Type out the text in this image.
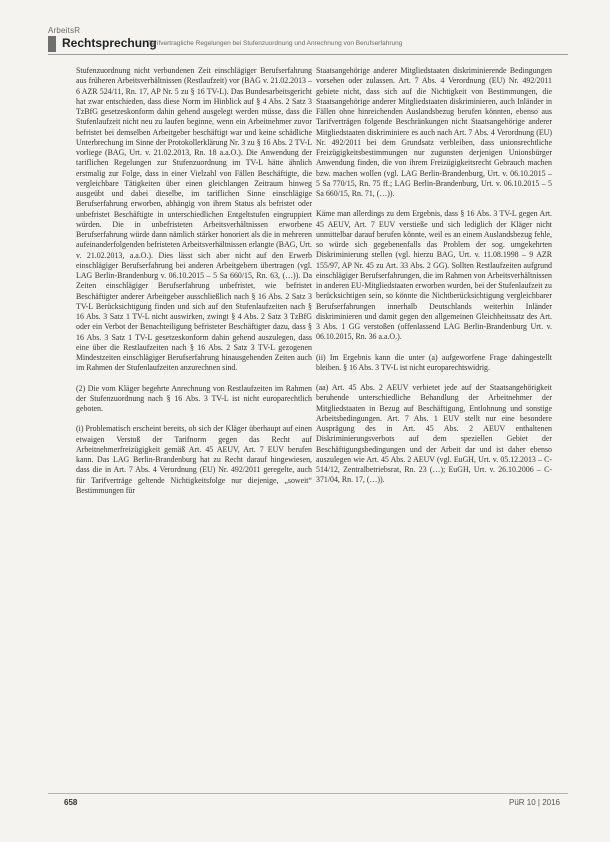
ArbeitsR
Rechtsprechung
Tarifvertragliche Regelungen bei Stufenzuordnung und Anrechnung von Berufserfahrung

Stufenzuordnung nicht verbundenen Zeit einschlägiger Berufserfahrung aus früheren Arbeitsverhältnissen (Restlaufzeit) vor (BAG v. 21.02.2013 – 6 AZR 524/11, Rn. 17, AP Nr. 5 zu § 16 TV-L). Das Bundesarbeitsgericht hat zwar entschieden, dass diese Norm im Hinblick auf § 4 Abs. 2 Satz 3 TzBfG gesetzeskonform dahin gehend ausgelegt werden müsse, dass die Stufenlaufzeit nicht neu zu laufen beginne, wenn ein Arbeitnehmer zuvor befristet bei demselben Arbeitgeber beschäftigt war und keine schädliche Unterbrechung im Sinne der Protokollerklärung Nr. 3 zu § 16 Abs. 2 TV-L vorliege (BAG, Urt. v. 21.02.2013, Rn. 18 a.a.O.). Die Anwendung der tariflichen Regelungen zur Stufenzuordnung im TV-L hätte ähnlich erstmalig zur Folge, dass in einer Vielzahl von Fällen Beschäftigte, die vergleichbare Tätigkeiten über einen gleichlangen Zeitraum hinweg ausgeübt und dabei dieselbe, im tariflichen Sinne einschlägige Berufserfahrung erworben, abhängig von ihrem Status als befristet oder unbefristet Beschäftigte in unterschiedlichen Entgeltstufen eingruppiert würden. Die in unbefristeten Arbeitsverhältnissen erworbene Berufserfahrung würde dann nämlich stärker honoriert als die in mehreren aufeinanderfolgenden befristeten Arbeitsverhältnissen erlangte (BAG, Urt. v. 21.02.2013, a.a.O.). Dies lässt sich aber nicht auf den Erwerb einschlägiger Berufserfahrung bei anderen Arbeitgebern übertragen (vgl. LAG Berlin-Brandenburg v. 06.10.2015 – 5 Sa 660/15, Rn. 63, (…)). Da Zeiten einschlägiger Berufserfahrung unbefristet, wie befristet Beschäftigter anderer Arbeitgeber ausschließlich nach § 16 Abs. 2 Satz 3 TV-L Berücksichtigung finden und sich auf den Stufenlaufzeiten nach § 16 Abs. 3 Satz 1 TV-L nicht auswirken, zwingt § 4 Abs. 2 Satz 3 TzBfG oder ein Verbot der Benachteiligung befristeter Beschäftigter dazu, dass § 16 Abs. 3 Satz 1 TV-L gesetzeskonform dahin gehend auszulegen, dass eine über die Restlaufzeiten nach § 16 Abs. 2 Satz 3 TV-L gezogenen Mindestzeiten einschlägiger Berufserfahrung hinausgehenden Zeiten auch im Rahmen der Stufenlaufzeiten anzurechnen sind.

(2) Die vom Kläger begehrte Anrechnung von Restlaufzeiten im Rahmen der Stufenzuordnung nach § 16 Abs. 3 TV-L ist nicht europarechtlich geboten.

(i) Problematisch erscheint bereits, ob sich der Kläger überhaupt auf einen etwaigen Verstoß der Tarifnorm gegen das Recht auf Arbeitnehmerfreizügigkeit gemäß Art. 45 AEUV, Art. 7 EUV berufen kann. Das LAG Berlin-Brandenburg hat zu Recht darauf hingewiesen, dass die in Art. 7 Abs. 4 Verordnung (EU) Nr. 492/2011 geregelte, auch für Tarifverträge geltende Nichtigkeitsfolge nur diejenige, „soweit“ Bestimmungen für

Staatsangehörige anderer Mitgliedstaaten diskriminierende Bedingungen vorsehen oder zulassen. Art. 7 Abs. 4 Verordnung (EU) Nr. 492/2011 gebiete nicht, dass sich auf die Nichtigkeit von Bestimmungen, die Staatsangehörige anderer Mitgliedstaaten diskriminieren, auch Inländer in Fällen ohne hinreichenden Auslandsbezug berufen könnten, ebenso aus Tarifverträgen folgende Beschränkungen nicht Staatsangehörige anderer Mitgliedstaaten diskriminiere es auch nach Art. 7 Abs. 4 Verordnung (EU) Nr. 492/2011 bei dem Grundsatz verbleiben, dass unionsrechtliche Freizügigkeitsbestimmungen nur zugunsten derjenigen Unionsbürger Anwendung finden, die von ihrem Freizügigkeitsrecht Gebrauch machen bzw. machen wollen (vgl. LAG Berlin-Brandenburg, Urt. v. 06.10.2015 – 5 Sa 770/15, Rn. 75 ff.; LAG Berlin-Brandenburg, Urt. v. 06.10.2015 – 5 Sa 660/15, Rn. 71, (…)).

Käme man allerdings zu dem Ergebnis, dass § 16 Abs. 3 TV-L gegen Art. 45 AEUV, Art. 7 EUV verstieße und sich lediglich der Kläger nicht unmittelbar darauf berufen könnte, weil es an einem Auslandsbezug fehle, so würde sich gegebenenfalls das Problem der sog. umgekehrten Diskriminierung stellen (vgl. hierzu BAG, Urt. v. 11.08.1998 – 9 AZR 155/97, AP Nr. 45 zu Art. 33 Abs. 2 GG). Sollten Restlaufzeiten aufgrund einschlägiger Berufserfahrungen, die im Rahmen von Arbeitsverhältnissen in anderen EU-Mitgliedstaaten erworben wurden, bei der Stufenlaufzeit zu berücksichtigen sein, so könnte die Nichtberücksichtigung vergleichbarer Berufserfahrungen innerhalb Deutschlands weiterhin Inländer diskriminieren und damit gegen den allgemeinen Gleichheitssatz des Art. 3 Abs. 1 GG verstoßen (offenlassend LAG Berlin-Brandenburg Urt. v. 06.10.2015, Rn. 36 a.a.O.).

(ii) Im Ergebnis kann die unter (a) aufgeworfene Frage dahingestellt bleiben. § 16 Abs. 3 TV-L ist nicht europarechtswidrig.

(aa) Art. 45 Abs. 2 AEUV verbietet jede auf der Staatsangehörigkeit beruhende unterschiedliche Behandlung der Arbeitnehmer der Mitgliedstaaten in Bezug auf Beschäftigung, Entlohnung und sonstige Arbeitsbedingungen. Art. 7 Abs. 1 EUV stellt nur eine besondere Ausprägung des in Art. 45 Abs. 2 AEUV enthaltenen Diskriminierungsverbots auf dem speziellen Gebiet der Beschäftigungsbedingungen und der Arbeit dar und ist daher ebenso auszulegen wie Art. 45 Abs. 2 AEUV (vgl. EuGH, Urt. v. 05.12.2013 – C-514/12, Zentralbetriebsrat, Rn. 23 (…); EuGH, Urt. v. 26.10.2006 – C-371/04, Rn. 17, (…)).

658	PüR 10 | 2016
